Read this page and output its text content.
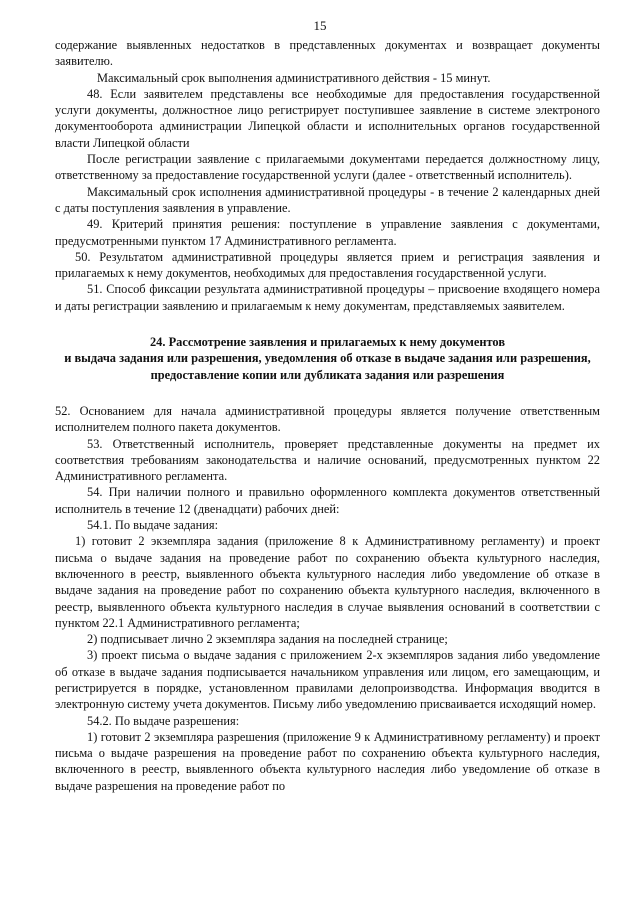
15

содержание выявленных недостатков в представленных документах и возвращает документы заявителю.

Максимальный срок выполнения административного действия - 15 минут.

48. Если заявителем представлены все необходимые для предоставления государственной услуги документы, должностное лицо регистрирует поступившее заявление в системе электроного документооборота администрации Липецкой области и исполнительных органов государственной власти Липецкой области

После регистрации заявление с прилагаемыми документами передается должностному лицу, ответственному за предоставление государственной услуги (далее - ответственный исполнитель).

Максимальный срок исполнения административной процедуры - в течение 2 календарных дней с даты поступления заявления в управление.

49. Критерий принятия решения: поступление в управление заявления с документами, предусмотренными пунктом 17 Административного регламента.

50. Результатом административной процедуры является прием и регистрация заявления и прилагаемых к нему документов, необходимых для предоставления государственной услуги.

51. Способ фиксации результата административной процедуры – присвоение входящего номера и даты регистрации заявлению и прилагаемым к нему документам, представляемых заявителем.

24. Рассмотрение заявления и прилагаемых к нему документов
и выдача задания или разрешения, уведомления об отказе в выдаче задания или разрешения, предоставление копии или дубликата задания или разрешения

52. Основанием для начала административной процедуры является получение ответственным исполнителем полного пакета документов.

53. Ответственный исполнитель, проверяет представленные документы на предмет их соответствия требованиям законодательства и наличие оснований, предусмотренных пунктом 22 Административного регламента.

54. При наличии полного и правильно оформленного комплекта документов ответственный исполнитель в течение 12 (двенадцати) рабочих дней:

54.1. По выдаче задания:

1) готовит 2 экземпляра задания (приложение 8 к Административному регламенту) и проект письма о выдаче задания на проведение работ по сохранению объекта культурного наследия, включенного в реестр, выявленного объекта культурного наследия либо уведомление об отказе в выдаче задания на проведение работ по сохранению объекта культурного наследия, включенного в реестр, выявленного объекта культурного наследия в случае выявления оснований в соответствии с пунктом 22.1 Административного регламента;

2) подписывает лично 2 экземпляра задания на последней странице;

3) проект письма о выдаче задания с приложением 2-х экземпляров задания либо уведомление об отказе в выдаче задания подписывается начальником управления или лицом, его замещающим, и регистрируется в порядке, установленном правилами делопроизводства. Информация вводится в электронную систему учета документов. Письму либо уведомлению присваивается исходящий номер.

54.2. По выдаче разрешения:

1) готовит 2 экземпляра разрешения (приложение 9 к Административному регламенту) и проект письма о выдаче разрешения на проведение работ по сохранению объекта культурного наследия, включенного в реестр, выявленного объекта культурного наследия либо уведомление об отказе в выдаче разрешения на проведение работ по
